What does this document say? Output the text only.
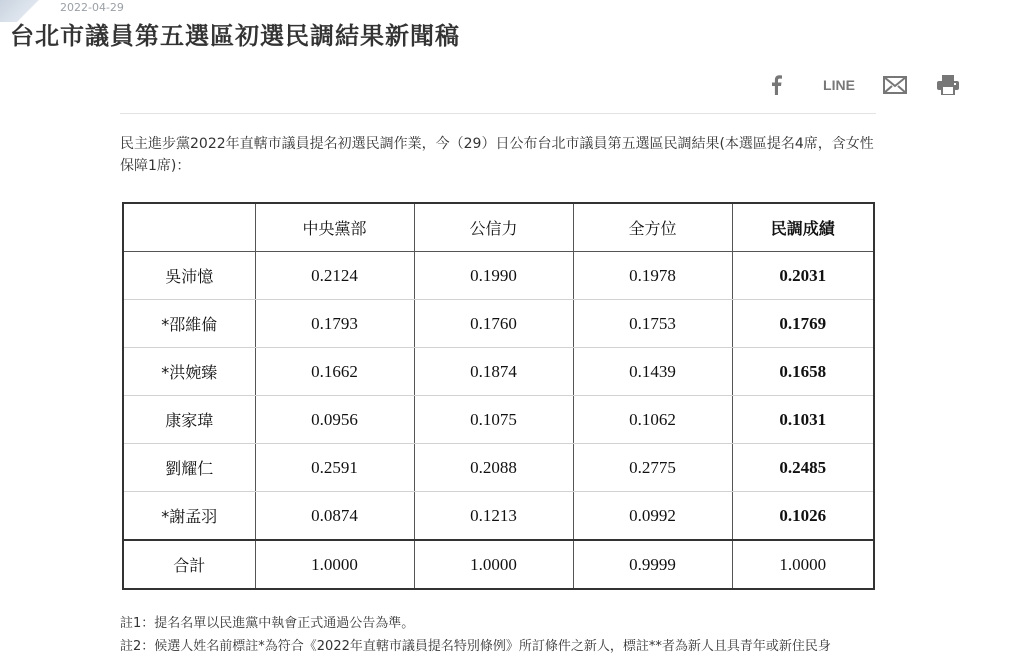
2022-04-29
台北市議員第五選區初選民調結果新聞稿
LINE

民主進步黨2022年直轄市議員提名初選民調作業，今（29）日公布台北市議員第五選區民調結果(本選區提名4席，含女性保障1席)：

	中央黨部	公信力	全方位	民調成績
吳沛憶	0.2124	0.1990	0.1978	0.2031
*邵維倫	0.1793	0.1760	0.1753	0.1769
*洪婉臻	0.1662	0.1874	0.1439	0.1658
康家瑋	0.0956	0.1075	0.1062	0.1031
劉耀仁	0.2591	0.2088	0.2775	0.2485
*謝孟羽	0.0874	0.1213	0.0992	0.1026
合計	1.0000	1.0000	0.9999	1.0000

註1：提名名單以民進黨中執會正式通過公告為準。

註2：候選人姓名前標註*為符合《2022年直轄市議員提名特別條例》所訂條件之新人，標註**者為新人且具青年或新住民身
